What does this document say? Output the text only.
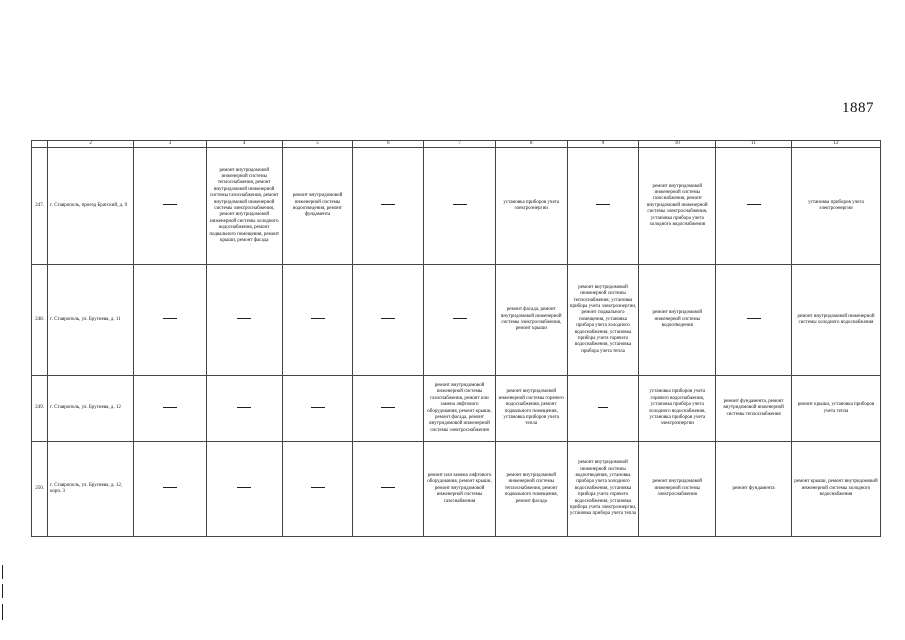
1887
	2	3	4	5	6	7	8	9	10	11	12
247.	г. Ставрополь, проезд Братский, д. 9		ремонт внутридомовой инженерной системы теплоснабжения, ремонт внутридомовой инженерной системы газоснабжения, ремонт внутридомовой инженерной системы электроснабжения, ремонт внутридомовой инженерной системы холодного водоснабжения, ремонт подвального помещения, ремонт крыши, ремонт фасада	ремонт внутридомовой инженерной системы водоотведения, ремонт фундамента			установка приборов учета электроэнергии		ремонт внутридомовой инженерной системы газоснабжения, ремонт внутридомовой инженерной системы электроснабжения, установка прибора учета холодного водоснабжения		установка приборов учета электроэнергии
248.	г. Ставрополь, ул. Бруснева, д. 11						ремонт фасада, ремонт внутридомовой инженерной системы электроснабжения, ремонт крыши	ремонт внутридомовой инженерной системы теплоснабжения, установка прибора учета электроэнергии, ремонт подвального помещения, установка прибора учета холодного водоснабжения, установка прибора учета горячего водоснабжения, установка прибора учета тепла	ремонт внутридомовой инженерной системы водоотведения		ремонт внутридомовой инженерной системы холодного водоснабжения
249.	г. Ставрополь, ул. Бруснева, д. 12					ремонт внутридомовой инженерной системы газоснабжения, ремонт или замена лифтового оборудования, ремонт крыши, ремонт фасада, ремонт внутридомовой инженерной системы электроснабжения	ремонт внутридомовой инженерной системы горячего водоснабжения, ремонт подвального помещения, установка приборов учета тепла		установка приборов учета горячего водоснабжения, установка прибора учета холодного водоснабжения, установка приборов учета электроэнергии	ремонт фундамента, ремонт внутридомовой инженерной системы теплоснабжения	ремонт крыши, установка приборов учета тепла
250.	г. Ставрополь, ул. Бруснева, д. 12, корп. 3					ремонт или замена лифтового оборудования, ремонт крыши, ремонт внутридомовой инженерной системы газоснабжения	ремонт внутридомовой инженерной системы теплоснабжения, ремонт подвального помещения, ремонт фасада	ремонт внутридомовой инженерной системы водоотведения, установка прибора учета холодного водоснабжения, установка прибора учета горячего водоснабжения, установка прибора учета электроэнергии, установка прибора учета тепла	ремонт внутридомовой инженерной системы электроснабжения	ремонт фундамента	ремонт крыши, ремонт внутридомовой инженерной системы холодного водоснабжения
